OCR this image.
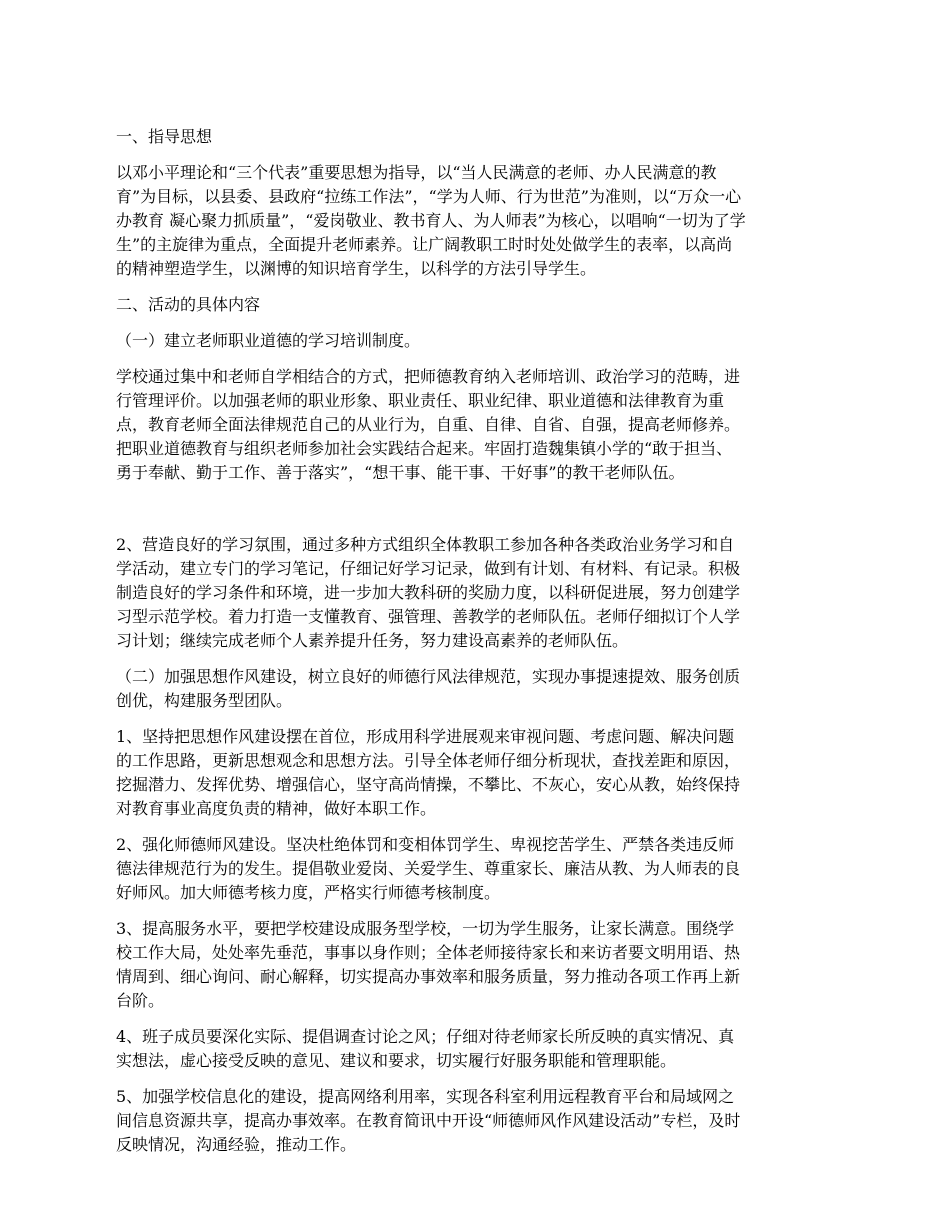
一、指导思想
以邓小平理论和“三个代表”重要思想为指导，以“当人民满意的老师、办人民满意的教
育”为目标，以县委、县政府“拉练工作法”，“学为人师、行为世范”为准则，以“万众一心
办教育 凝心聚力抓质量”，“爱岗敬业、教书育人、为人师表”为核心，以唱响“一切为了学
生”的主旋律为重点，全面提升老师素养。让广阔教职工时时处处做学生的表率，以高尚
的精神塑造学生，以渊博的知识培育学生，以科学的方法引导学生。
二、活动的具体内容
（一）建立老师职业道德的学习培训制度。
学校通过集中和老师自学相结合的方式，把师德教育纳入老师培训、政治学习的范畴，进
行管理评价。以加强老师的职业形象、职业责任、职业纪律、职业道德和法律教育为重
点，教育老师全面法律规范自己的从业行为，自重、自律、自省、自强，提高老师修养。
把职业道德教育与组织老师参加社会实践结合起来。牢固打造魏集镇小学的“敢于担当、
勇于奉献、勤于工作、善于落实”，“想干事、能干事、干好事”的教干老师队伍。
2、营造良好的学习氛围，通过多种方式组织全体教职工参加各种各类政治业务学习和自
学活动，建立专门的学习笔记，仔细记好学习记录，做到有计划、有材料、有记录。积极
制造良好的学习条件和环境，进一步加大教科研的奖励力度，以科研促进展，努力创建学
习型示范学校。着力打造一支懂教育、强管理、善教学的老师队伍。老师仔细拟订个人学
习计划；继续完成老师个人素养提升任务，努力建设高素养的老师队伍。
（二）加强思想作风建设，树立良好的师德行风法律规范，实现办事提速提效、服务创质
创优，构建服务型团队。
1、坚持把思想作风建设摆在首位，形成用科学进展观来审视问题、考虑问题、解决问题
的工作思路，更新思想观念和思想方法。引导全体老师仔细分析现状，查找差距和原因，
挖掘潜力、发挥优势、增强信心，坚守高尚情操，不攀比、不灰心，安心从教，始终保持
对教育事业高度负责的精神，做好本职工作。
2、强化师德师风建设。坚决杜绝体罚和变相体罚学生、卑视挖苦学生、严禁各类违反师
德法律规范行为的发生。提倡敬业爱岗、关爱学生、尊重家长、廉洁从教、为人师表的良
好师风。加大师德考核力度，严格实行师德考核制度。
3、提高服务水平，要把学校建设成服务型学校，一切为学生服务，让家长满意。围绕学
校工作大局，处处率先垂范，事事以身作则；全体老师接待家长和来访者要文明用语、热
情周到、细心询问、耐心解释，切实提高办事效率和服务质量，努力推动各项工作再上新
台阶。
4、班子成员要深化实际、提倡调查讨论之风；仔细对待老师家长所反映的真实情况、真
实想法，虚心接受反映的意见、建议和要求，切实履行好服务职能和管理职能。
5、加强学校信息化的建设，提高网络利用率，实现各科室利用远程教育平台和局域网之
间信息资源共享，提高办事效率。在教育简讯中开设“师德师风作风建设活动”专栏，及时
反映情况，沟通经验，推动工作。
